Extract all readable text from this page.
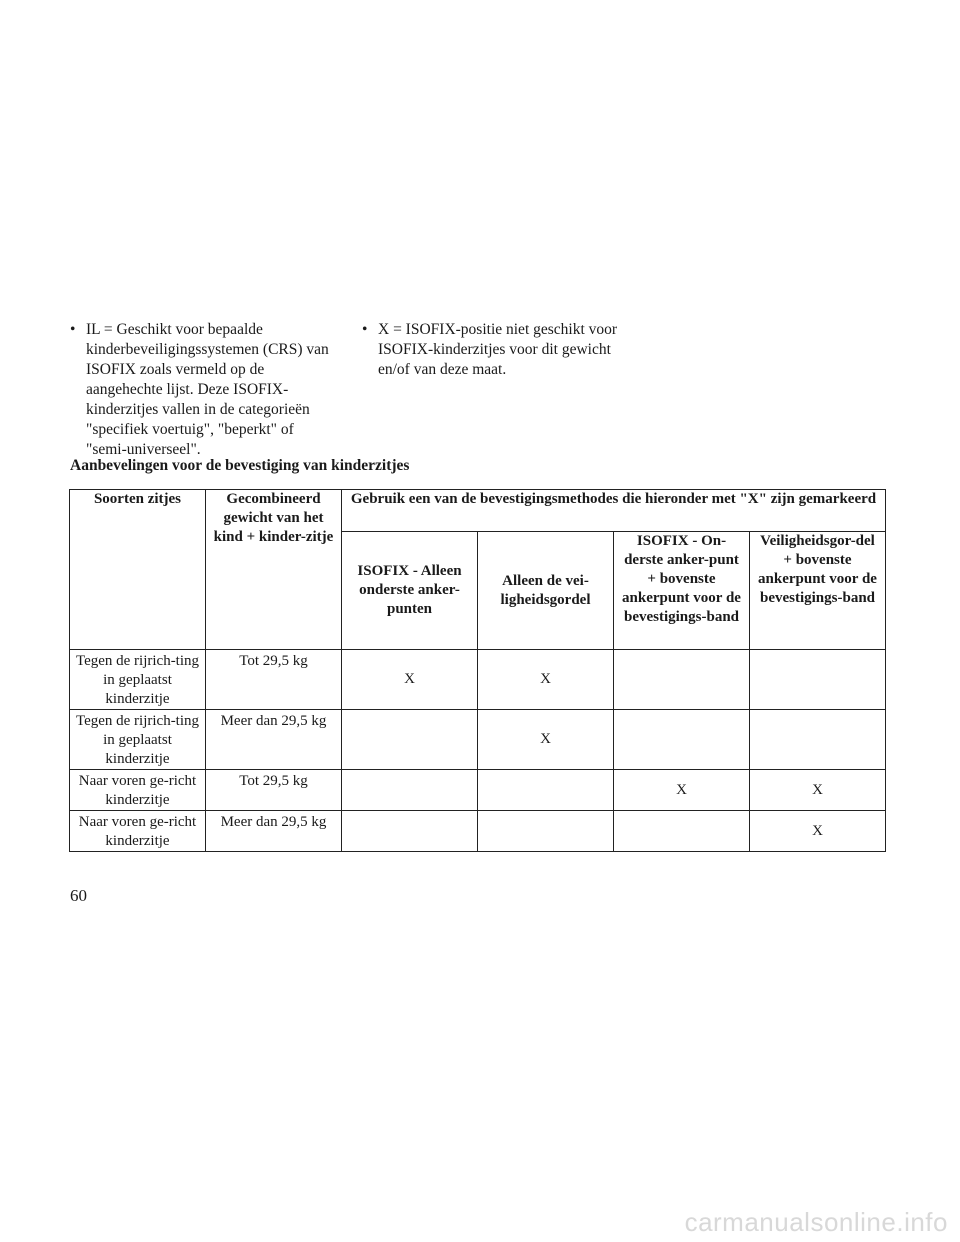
• IL = Geschikt voor bepaalde kinderbeveiligingssystemen (CRS) van ISOFIX zoals vermeld op de aangehechte lijst. Deze ISOFIX-kinderzitjes vallen in de categorieën "specifiek voertuig", "beperkt" of "semi-universeel".
• X = ISOFIX-positie niet geschikt voor ISOFIX-kinderzitjes voor dit gewicht en/of van deze maat.
Aanbevelingen voor de bevestiging van kinderzitjes
Soorten zitjes	Gecombineerd gewicht van het kind + kinder-zitje	Gebruik een van de bevestigingsmethodes die hieronder met "X" zijn gemarkeerd			
		ISOFIX - Alleen onderste anker-punten	Alleen de vei-ligheidsgordel	ISOFIX - On-derste anker-punt + bovenste ankerpunt voor de bevestigings-band	Veiligheidsgor-del + bovenste ankerpunt voor de bevestigings-band
Tegen de rijrich-ting in geplaatst kinderzitje	Tot 29,5 kg	X	X		
Tegen de rijrich-ting in geplaatst kinderzitje	Meer dan 29,5 kg		X		
Naar voren ge-richt kinderzitje	Tot 29,5 kg			X	X
Naar voren ge-richt kinderzitje	Meer dan 29,5 kg				X
60
carmanualsonline.info
